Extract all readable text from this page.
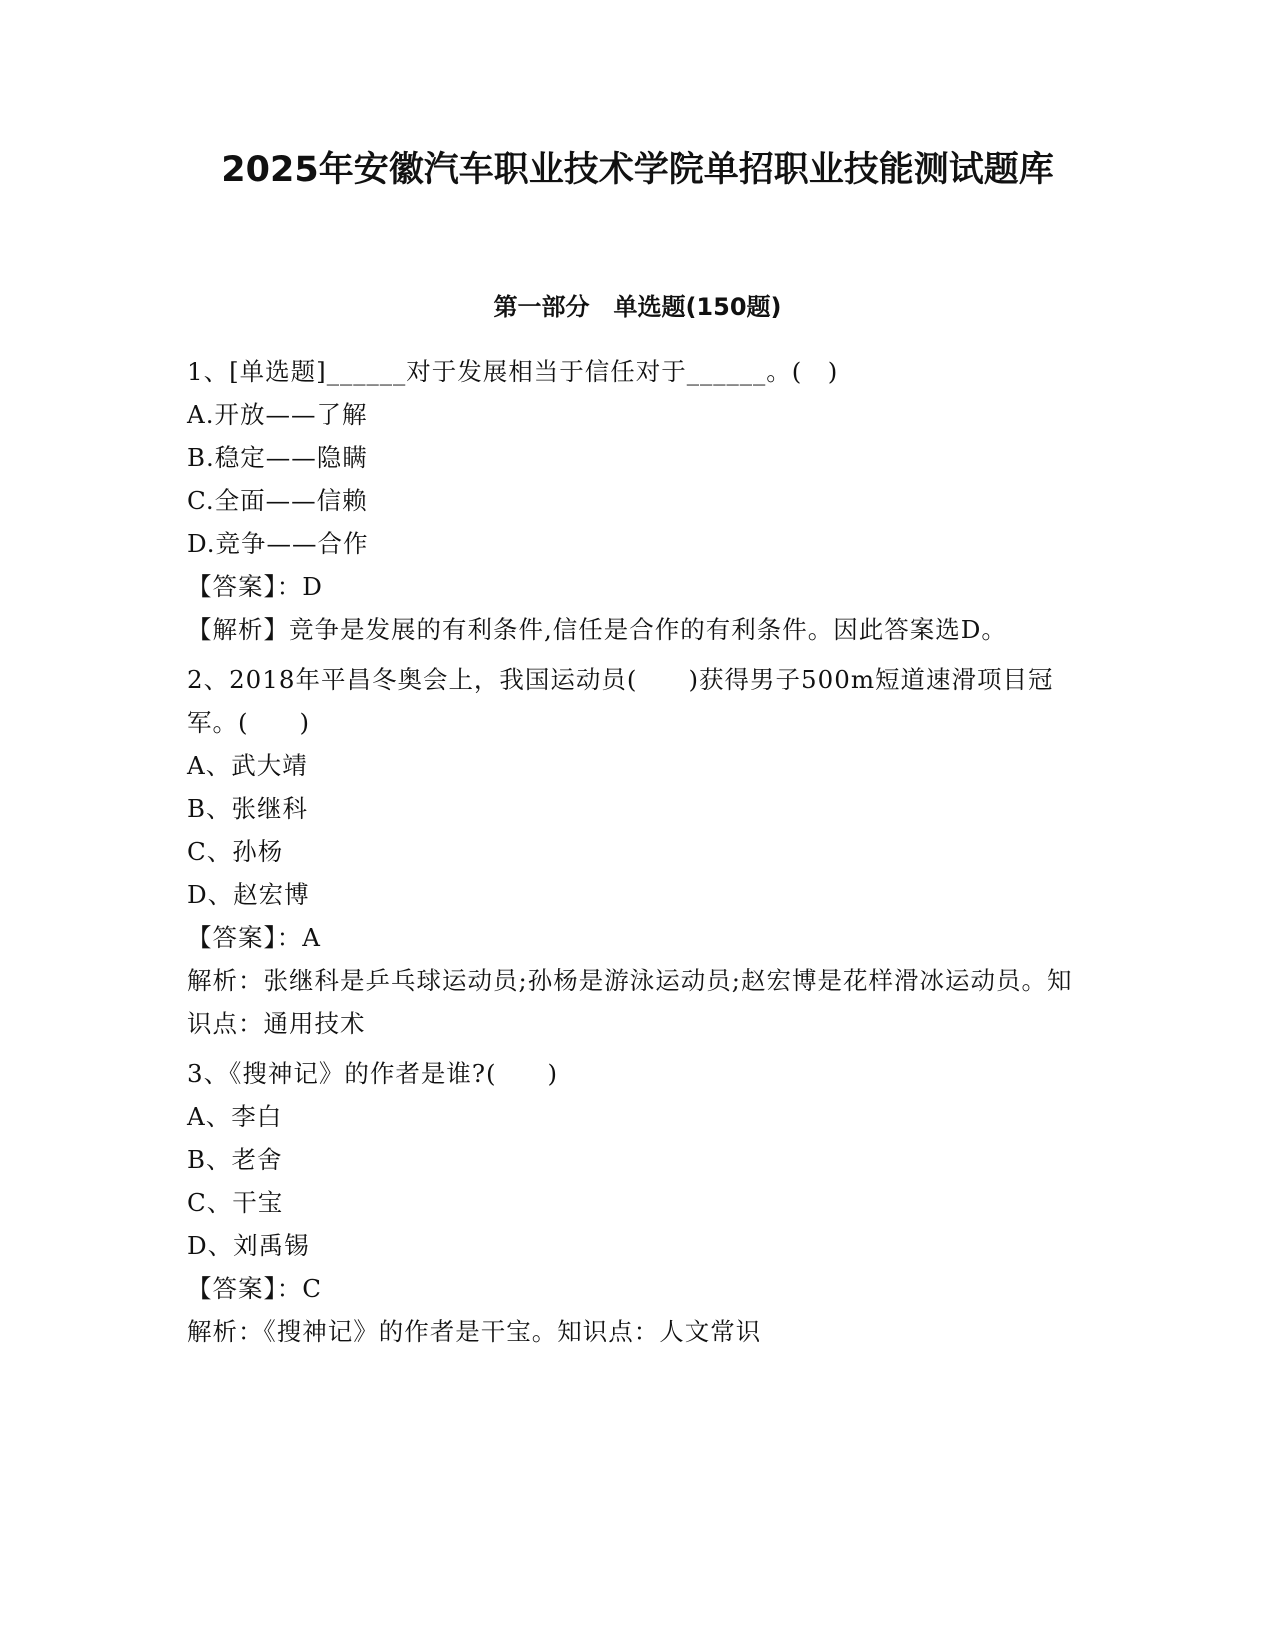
2025年安徽汽车职业技术学院单招职业技能测试题库
第一部分　单选题(150题)
1、[单选题]______对于发展相当于信任对于______。(　)
A.开放——了解
B.稳定——隐瞒
C.全面——信赖
D.竞争——合作
【答案】：D
【解析】竞争是发展的有利条件,信任是合作的有利条件。因此答案选D。
2、2018年平昌冬奥会上，我国运动员(　　)获得男子500m短道速滑项目冠军。(　　)
A、武大靖
B、张继科
C、孙杨
D、赵宏博
【答案】：A
解析：张继科是乒乓球运动员;孙杨是游泳运动员;赵宏博是花样滑冰运动员。知识点：通用技术
3、《搜神记》的作者是谁?(　　)
A、李白
B、老舍
C、干宝
D、刘禹锡
【答案】：C
解析：《搜神记》的作者是干宝。知识点：人文常识
